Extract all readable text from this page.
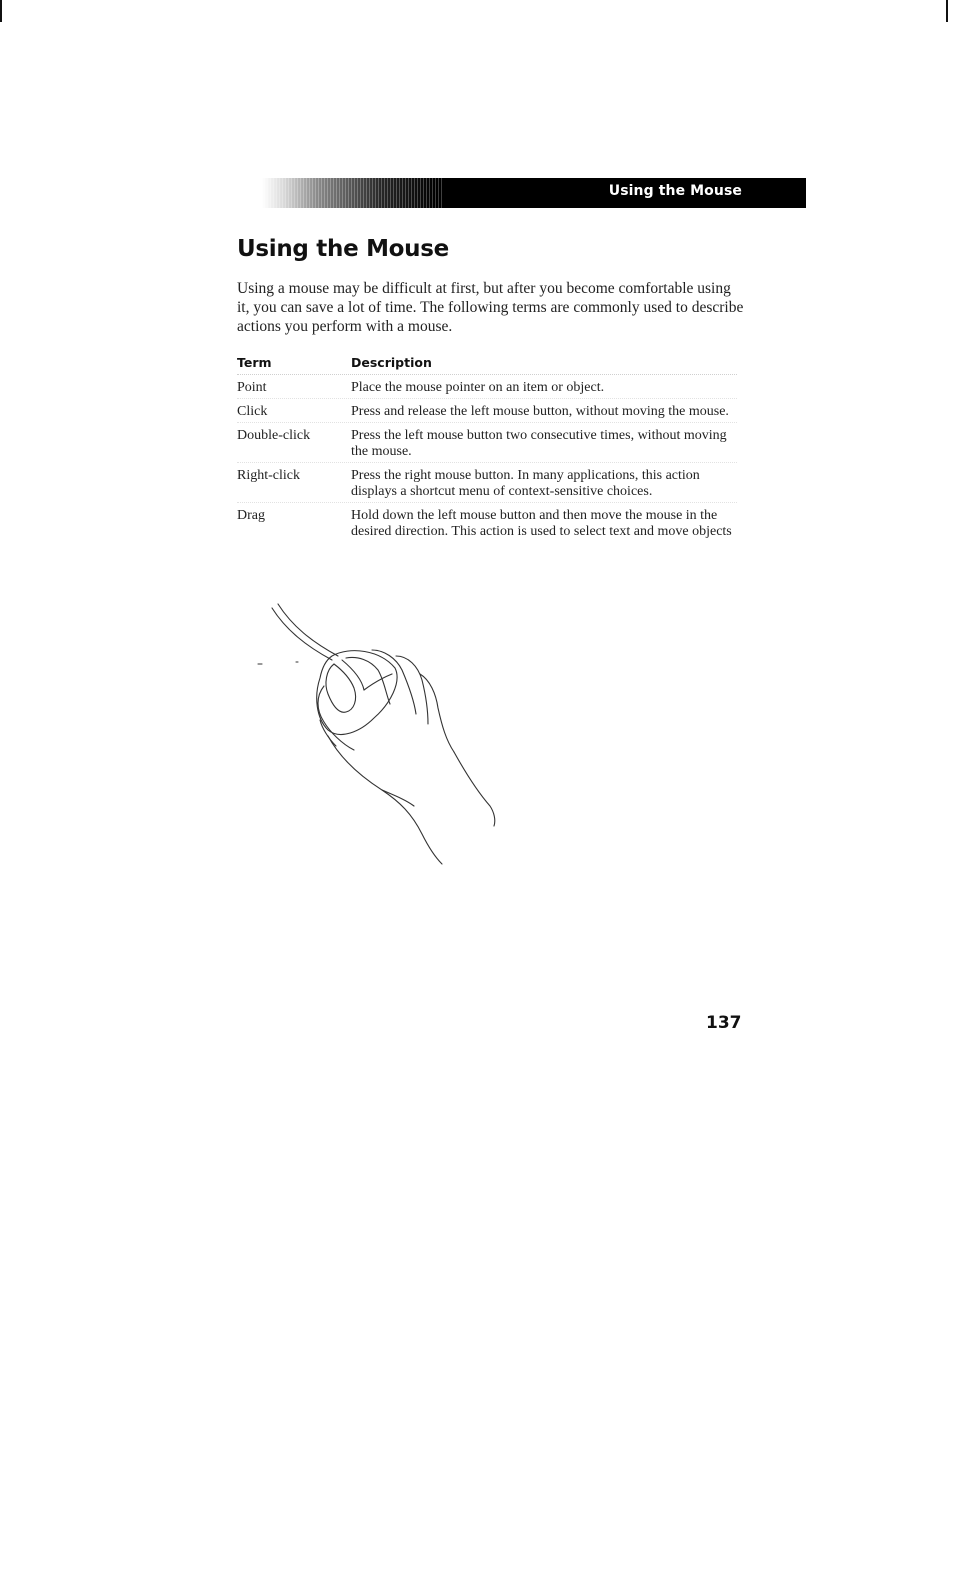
Using the Mouse
Using the Mouse

Using a mouse may be difficult at first, but after you become comfortable using it, you can save a lot of time. The following terms are commonly used to describe actions you perform with a mouse.

Term	Description
Point	Place the mouse pointer on an item or object.
Click	Press and release the left mouse button, without moving the mouse.
Double-click	Press the left mouse button two consecutive times, without moving the mouse.
Right-click	Press the right mouse button. In many applications, this action displays a shortcut menu of context-sensitive choices.
Drag	Hold down the left mouse button and then move the mouse in the desired direction. This action is used to select text and move objects
137
